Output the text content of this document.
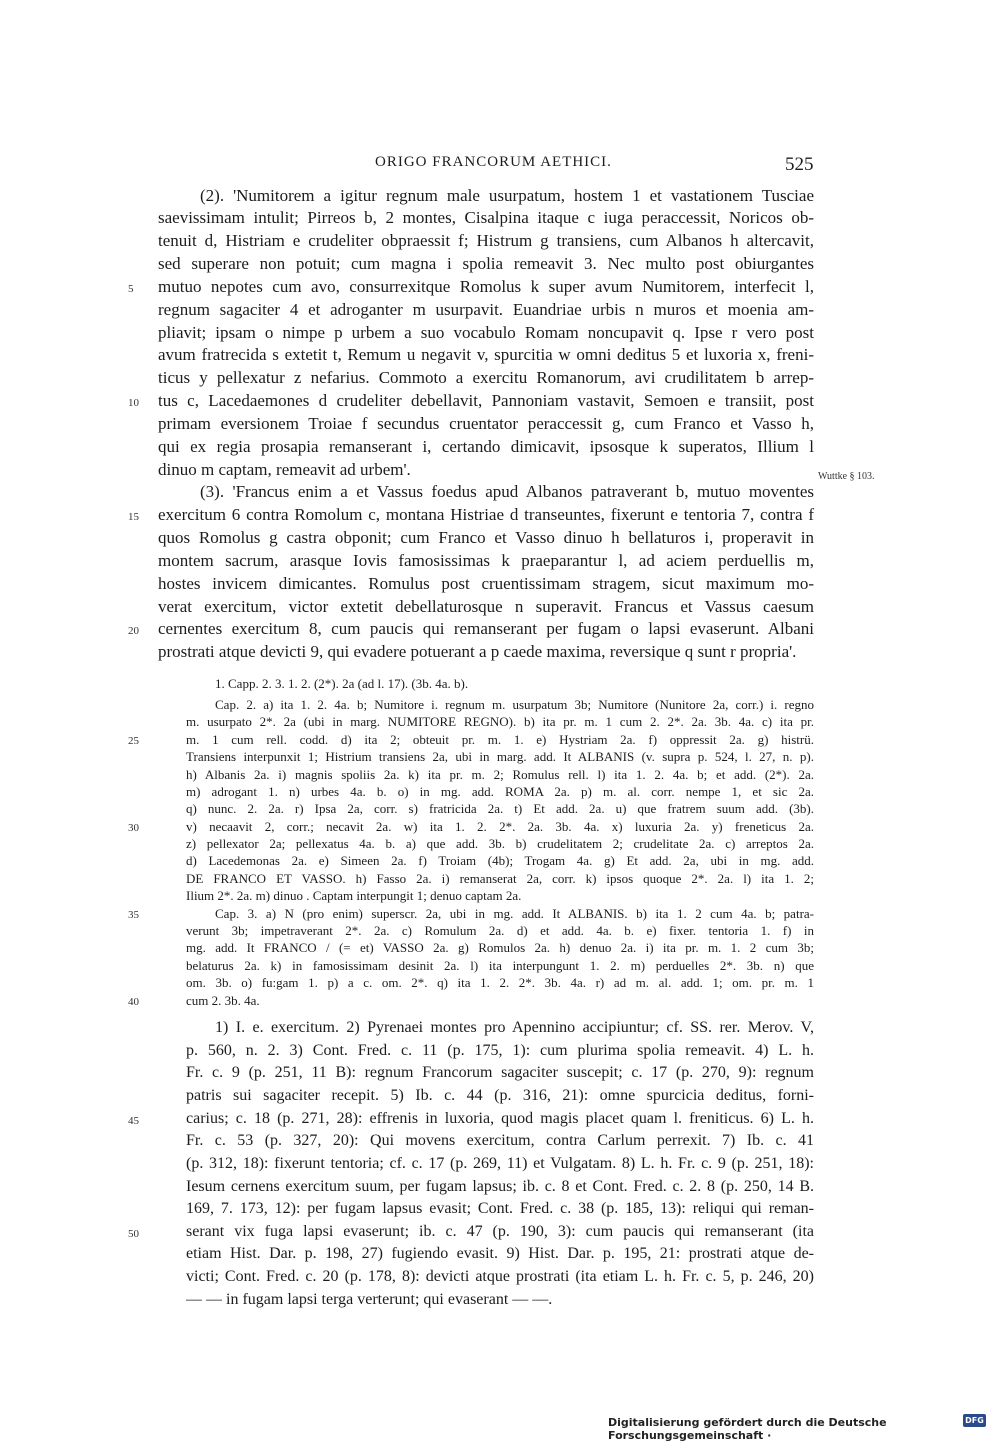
ORIGO FRANCORUM AETHICI.	525
(2). 'Numitorem a igitur regnum male usurpatum, hostem 1 et vastationem Tusciae
saevissimam intulit; Pirreos b, 2 montes, Cisalpina itaque c iuga peraccessit, Noricos ob-
tenuit d, Histriam e crudeliter obpraessit f; Histrum g transiens, cum Albanos h altercavit,
sed superare non potuit; cum magna i spolia remeavit 3. Nec multo post obiurgantes
mutuo nepotes cum avo, consurrexitque Romolus k super avum Numitorem, interfecit l,
regnum sagaciter 4 et adroganter m usurpavit. Euandriae urbis n muros et moenia am-
pliavit; ipsam o nimpe p urbem a suo vocabulo Romam noncupavit q. Ipse r vero post
avum fratrecida s extetit t, Remum u negavit v, spurcitia w omni deditus 5 et luxoria x, freni-
ticus y pellexatur z nefarius. Commoto a exercitu Romanorum, avi crudilitatem b arrep-
tus c, Lacedaemones d crudeliter debellavit, Pannoniam vastavit, Semoen e transiit, post
primam eversionem Troiae f secundus cruentator peraccessit g, cum Franco et Vasso h,
qui ex regia prosapia remanserant i, certando dimicavit, ipsosque k superatos, Illium l
dinuo m captam, remeavit ad urbem'.
(3). 'Francus enim a et Vassus foedus apud Albanos patraverant b, mutuo moventes
exercitum 6 contra Romolum c, montana Histriae d transeuntes, fixerunt e tentoria 7, contra f
quos Romolus g castra obponit; cum Franco et Vasso dinuo h bellaturos i, properavit in
montem sacrum, arasque Iovis famosissimas k praeparantur l, ad aciem perduellis m,
hostes invicem dimicantes. Romulus post cruentissimam stragem, sicut maximum mo-
verat exercitum, victor extetit debellaturosque n superavit. Francus et Vassus caesum
cernentes exercitum 8, cum paucis qui remanserant per fugam o lapsi evaserunt. Albani
prostrati atque devicti 9, qui evadere potuerant a p caede maxima, reversique q sunt r propria'.
Wuttke § 103.
1. Capp. 2. 3. 1. 2. (2*). 2a (ad l. 17). (3b. 4a. b).
Cap. 2. a) ita 1. 2. 4a. b; Numitore i. regnum m. usurpatum 3b; Numitore (Nunitore 2a, corr.) i. regno
m. usurpato 2*. 2a (ubi in marg. NUMITORE REGNO). b) ita pr. m. 1 cum 2. 2*. 2a. 3b. 4a. c) ita pr.
m. 1 cum rell. codd. d) ita 2; obteuit pr. m. 1. e) Hystriam 2a. f) oppressit 2a. g) histrü.
Transiens interpunxit 1; Histrium transiens 2a, ubi in marg. add. It ALBANIS (v. supra p. 524, l. 27, n. p).
h) Albanis 2a. i) magnis spoliis 2a. k) ita pr. m. 2; Romulus rell. l) ita 1. 2. 4a. b; et add. (2*). 2a.
m) adrogant 1. n) urbes 4a. b. o) in mg. add. ROMA 2a. p) m. al. corr. nempe 1, et sic 2a.
q) nunc. 2. 2a. r) Ipsa 2a, corr. s) fratricida 2a. t) Et add. 2a. u) que fratrem suum add. (3b).
v) necaavit 2, corr.; necavit 2a. w) ita 1. 2. 2*. 2a. 3b. 4a. x) luxuria 2a. y) freneticus 2a.
z) pellexator 2a; pellexatus 4a. b. a) que add. 3b. b) crudelitatem 2; crudelitate 2a. c) arreptos 2a.
d) Lacedemonas 2a. e) Simeen 2a. f) Troiam (4b); Trogam 4a. g) Et add. 2a, ubi in mg. add.
DE FRANCO ET VASSO. h) Fasso 2a. i) remanserat 2a, corr. k) ipsos quoque 2*. 2a. l) ita 1. 2;
Ilium 2*. 2a. m) dinuo . Captam interpungit 1; denuo captam 2a.
Cap. 3. a) N (pro enim) superscr. 2a, ubi in mg. add. It ALBANIS. b) ita 1. 2 cum 4a. b; patra-
verunt 3b; impetraverant 2*. 2a. c) Romulum 2a. d) et add. 4a. b. e) fixer. tentoria 1. f) in
mg. add. It FRANCO / (= et) VASSO 2a. g) Romulos 2a. h) denuo 2a. i) ita pr. m. 1. 2 cum 3b;
belaturus 2a. k) in famosissimam desinit 2a. l) ita interpungunt 1. 2. m) perduelles 2*. 3b. n) que
om. 3b. o) fu:gam 1. p) a c. om. 2*. q) ita 1. 2. 2*. 3b. 4a. r) ad m. al. add. 1; om. pr. m. 1
cum 2. 3b. 4a.
1) I. e. exercitum. 2) Pyrenaei montes pro Apennino accipiuntur; cf. SS. rer. Merov. V,
p. 560, n. 2. 3) Cont. Fred. c. 11 (p. 175, 1): cum plurima spolia remeavit. 4) L. h.
Fr. c. 9 (p. 251, 11 B): regnum Francorum sagaciter suscepit; c. 17 (p. 270, 9): regnum
patris sui sagaciter recepit. 5) Ib. c. 44 (p. 316, 21): omne spurcicia deditus, forni-
carius; c. 18 (p. 271, 28): effrenis in luxoria, quod magis placet quam l. freniticus. 6) L. h.
Fr. c. 53 (p. 327, 20): Qui movens exercitum, contra Carlum perrexit. 7) Ib. c. 41
(p. 312, 18): fixerunt tentoria; cf. c. 17 (p. 269, 11) et Vulgatam. 8) L. h. Fr. c. 9 (p. 251, 18):
Iesum cernens exercitum suum, per fugam lapsus; ib. c. 8 et Cont. Fred. c. 2. 8 (p. 250, 14 B.
169, 7. 173, 12): per fugam lapsus evasit; Cont. Fred. c. 38 (p. 185, 13): reliqui qui reman-
serant vix fuga lapsi evaserunt; ib. c. 47 (p. 190, 3): cum paucis qui remanserant (ita
etiam Hist. Dar. p. 198, 27) fugiendo evasit. 9) Hist. Dar. p. 195, 21: prostrati atque de-
victi; Cont. Fred. c. 20 (p. 178, 8): devicti atque prostrati (ita etiam L. h. Fr. c. 5, p. 246, 20)
— — in fugam lapsi terga verterunt; qui evaserant — —.
5
10
15
20
25
30
35
40
45
50
Digitalisierung gefördert durch die Deutsche Forschungsgemeinschaft ·
DFG
